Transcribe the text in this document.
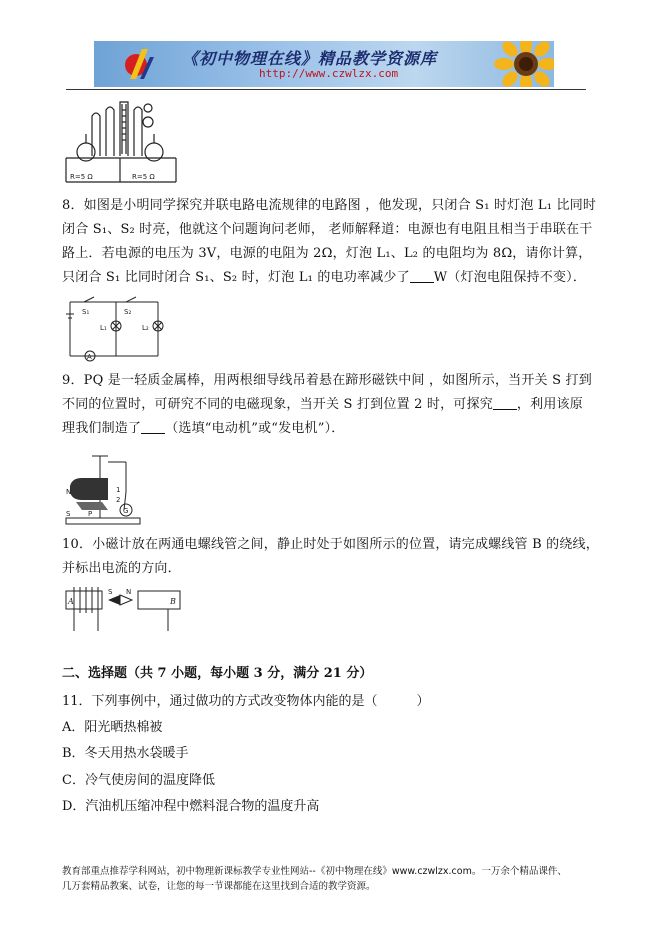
《初中物理在线》精品教学资源库
http://www.czwlzx.com
R=5 Ω	R=5 Ω
8．如图是小明同学探究并联电路电流规律的电路图 ，他发现，只闭合 S₁ 时灯泡 L₁ 比同时
闭合 S₁、S₂ 时亮，他就这个问题询问老师， 老师解释道：电源也有电阻且相当于串联在干
路上．若电源的电压为 3V，电源的电阻为 2Ω，灯泡 L₁、L₂ 的电阻均为 8Ω，请你计算，
只闭合 S₁ 比同时闭合 S₁、S₂ 时，灯泡 L₁ 的电功率减少了 W（灯泡电阻保持不变）．
S₁	S₂
L₁	L₂
A
9．PQ 是一轻质金属棒，用两根细导线吊着悬在蹄形磁铁中间 ，如图所示，当开关 S 打到
不同的位置时，可研究不同的电磁现象，当开关 S 打到位置 2 时，可探究 ，利用该原
理我们制造了 （选填“电动机”或“发电机”）．
N
S	P
1
2
G
10．小磁计放在两通电螺线管之间，静止时处于如图所示的位置，请完成螺线管 B 的绕线，
并标出电流的方向．
A	B
S N
二、选择题（共 7 小题，每小题 3 分，满分 21 分）
11．下列事例中，通过做功的方式改变物体内能的是（　　　）
A．阳光晒热棉被
B．冬天用热水袋暖手
C．冷气使房间的温度降低
D．汽油机压缩冲程中燃料混合物的温度升高
教育部重点推荐学科网站，初中物理新课标教学专业性网站--《初中物理在线》www.czwlzx.com。一万余个精品课件、
几万套精品教案、试卷，让您的每一节课都能在这里找到合适的教学资源。
